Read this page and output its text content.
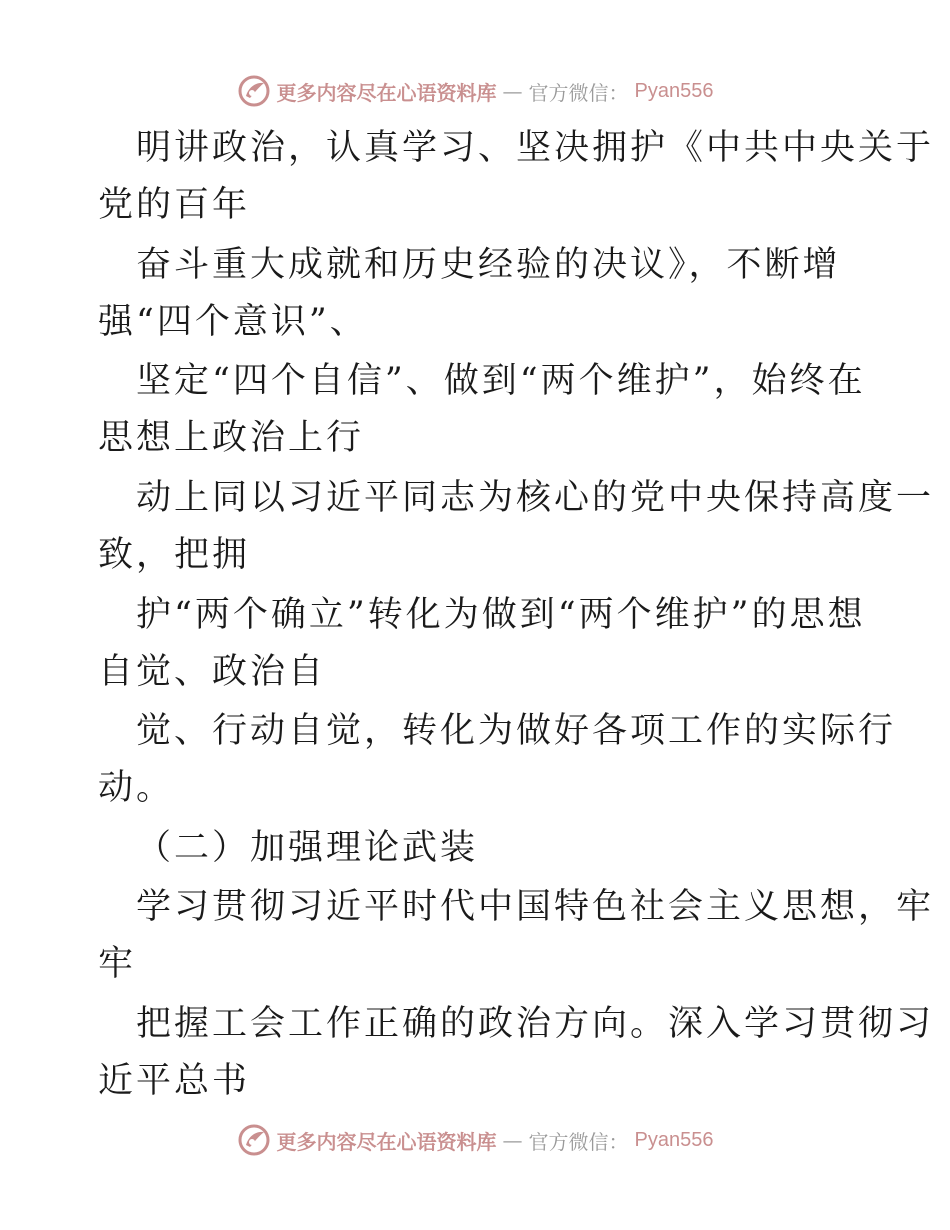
更多内容尽在心语资料库 — 官方微信： Pyan556
明讲政治，认真学习、坚决拥护《中共中央关于
党的百年
奋斗重大成就和历史经验的决议》，不断增
强“四个意识”、
坚定“四个自信”、做到“两个维护”，始终在
思想上政治上行
动上同以习近平同志为核心的党中央保持高度一
致，把拥
护“两个确立”转化为做到“两个维护”的思想
自觉、政治自
觉、行动自觉，转化为做好各项工作的实际行
动。
（二）加强理论武装
学习贯彻习近平时代中国特色社会主义思想，牢
牢
把握工会工作正确的政治方向。深入学习贯彻习
近平总书
更多内容尽在心语资料库 — 官方微信： Pyan556
